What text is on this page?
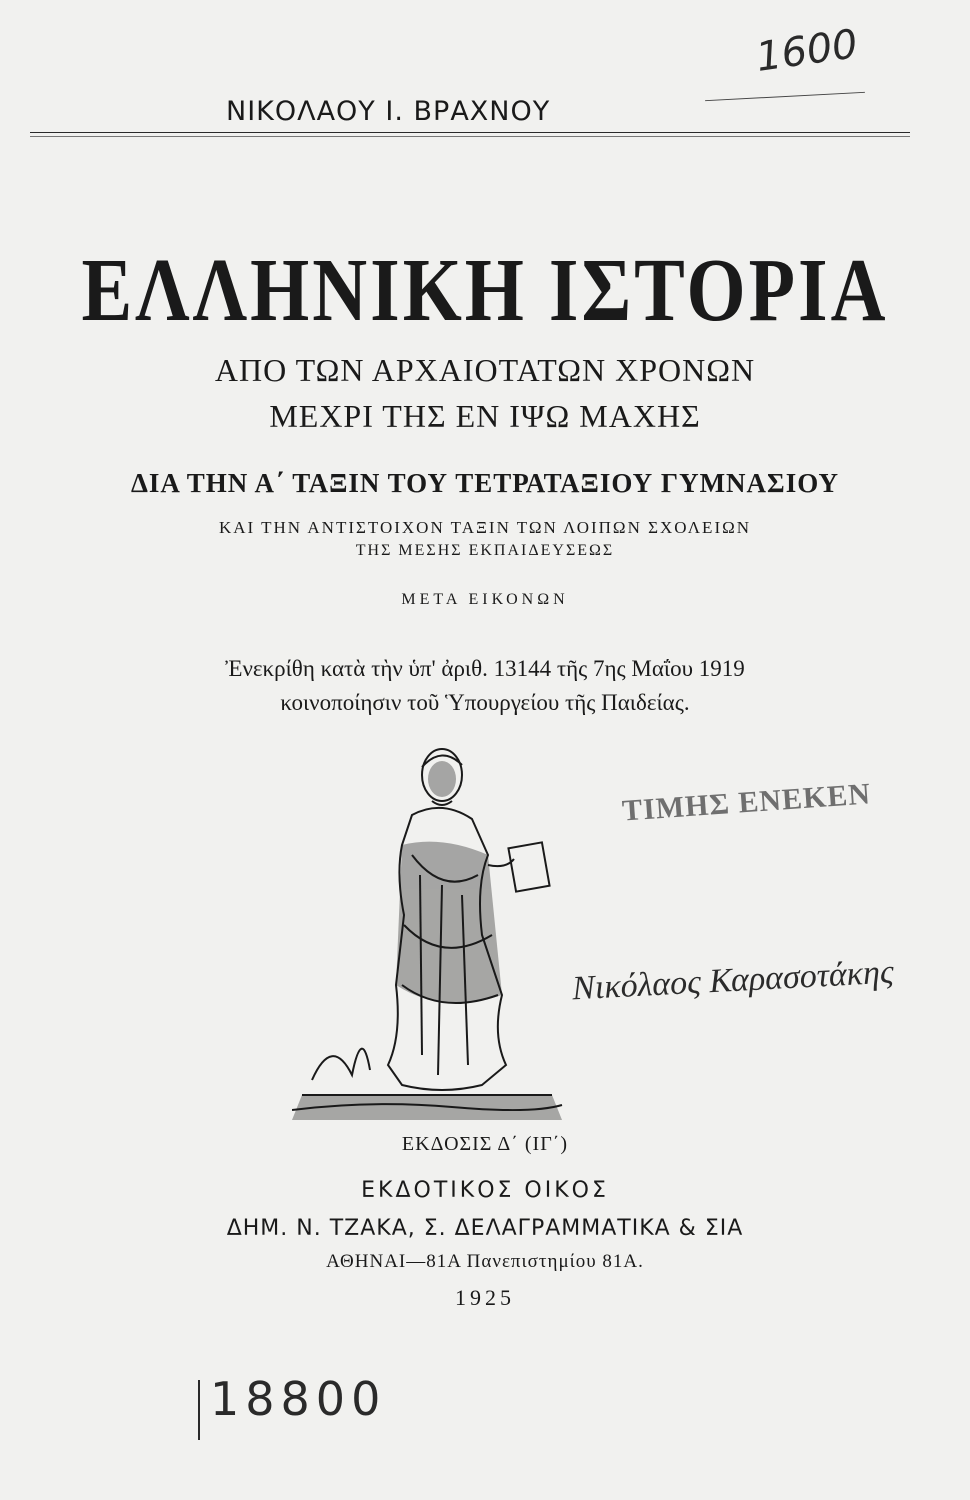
1600
ΝΙΚΟΛΑΟΥ Ι. ΒΡΑΧΝΟΥ
ΕΛΛΗΝΙΚΗ ΙΣΤΟΡΙΑ
ΑΠΟ ΤΩΝ ΑΡΧΑΙΟΤΑΤΩΝ ΧΡΟΝΩΝ
ΜΕΧΡΙ ΤΗΣ ΕΝ ΙΨΩ ΜΑΧΗΣ
ΔΙΑ ΤΗΝ Α΄ ΤΑΞΙΝ ΤΟΥ ΤΕΤΡΑΤΑΞΙΟΥ ΓΥΜΝΑΣΙΟΥ
ΚΑΙ ΤΗΝ ΑΝΤΙΣΤΟΙΧΟΝ ΤΑΞΙΝ ΤΩΝ ΛΟΙΠΩΝ ΣΧΟΛΕΙΩΝ
ΤΗΣ ΜΕΣΗΣ ΕΚΠΑΙΔΕΥΣΕΩΣ
ΜΕΤΑ ΕΙΚΟΝΩΝ
Ἐνεκρίθη κατὰ τὴν ὑπ' ἀριθ. 13144 τῆς 7ης Μαΐου 1919
κοινοποίησιν τοῦ Ὑπουργείου τῆς Παιδείας.
ΤΙΜΗΣ ΕΝΕΚΕΝ
Νικόλαος Καρασοτάκης
ΕΚΔΟΣΙΣ Δ΄ (ΙΓ΄)
ΕΚΔΟΤΙΚΟΣ ΟΙΚΟΣ
ΔΗΜ. Ν. ΤΖΑΚΑ, Σ. ΔΕΛΑΓΡΑΜΜΑΤΙΚΑ & ΣΙΑ
ΑΘΗΝΑΙ—81Α Πανεπιστημίου 81Α.
1925
18800
